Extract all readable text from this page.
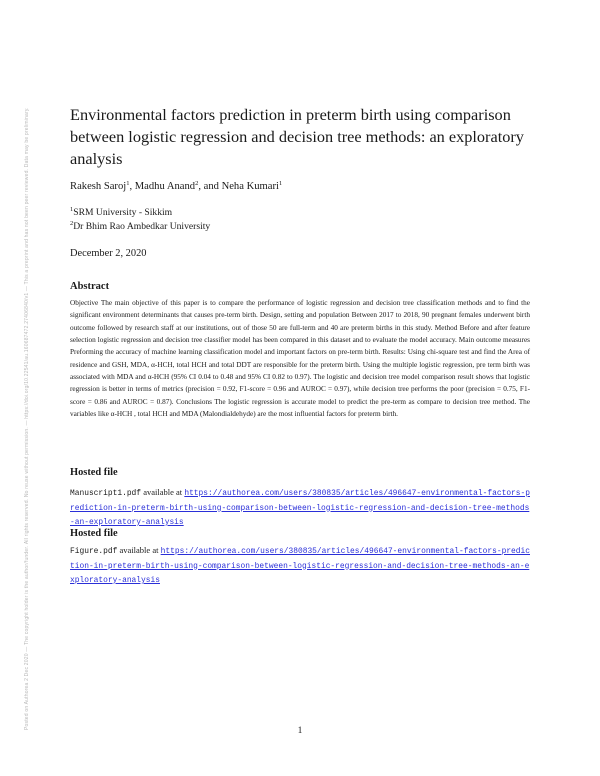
Posted on Authorea 2 Dec 2020 — The copyright holder is the author/funder. All rights reserved. No reuse without permission. — https://doi.org/10.22541/au.160687472.27406840/v1 — This a preprint and has not been peer reviewed. Data may be preliminary. Environmental factors prediction in preterm birth using comparison between logistic regression and decision tree methods: an exploratory analysis
Rakesh Saroj$^1$, Madhu Anand$^2$, and Neha Kumari$^1$
$^1$SRM University - Sikkim
$^2$Dr Bhim Rao Ambedkar University
December 2, 2020
Abstract

Objective The main objective of this paper is to compare the performance of logistic regression and decision tree classification methods and to find the significant environment determinants that causes pre-term birth. Design, setting and population Between 2017 to 2018, 90 pregnant females underwent birth outcome followed by research staff at our institutions, out of those 50 are full-term and 40 are preterm births in this study. Method Before and after feature selection logistic regression and decision tree classifier model has been compared in this dataset and to evaluate the model accuracy. Main outcome measures Preforming the accuracy of machine learning classification model and important factors on pre-term birth. Results: Using chi-square test and find the Area of residence and GSH, MDA, α-HCH, total HCH and total DDT are responsible for the preterm birth. Using the multiple logistic regression, pre term birth was associated with MDA and α-HCH (95% CI 0.04 to 0.48 and 95% CI 0.82 to 0.97). The logistic and decision tree model comparison result shows that logistic regression is better in terms of metrics (precision = 0.92, F1-score = 0.96 and AUROC = 0.97), while decision tree performs the poor (precision = 0.75, F1-score = 0.86 and AUROC = 0.87). Conclusions The logistic regression is accurate model to predict the pre-term as compare to decision tree method. The variables like α-HCH , total HCH and MDA (Malondialdehyde) are the most influential factors for preterm birth.

Hosted file

Manuscript1.pdf available at https://authorea.com/users/380835/articles/496647-environmental-factors-prediction-in-preterm-birth-using-comparison-between-logistic-regression-and-decision-tree-methods-an-exploratory-analysis

Hosted file

Figure.pdf available at https://authorea.com/users/380835/articles/496647-environmental-factors-prediction-in-preterm-birth-using-comparison-between-logistic-regression-and-decision-tree-methods-an-exploratory-analysis

1
